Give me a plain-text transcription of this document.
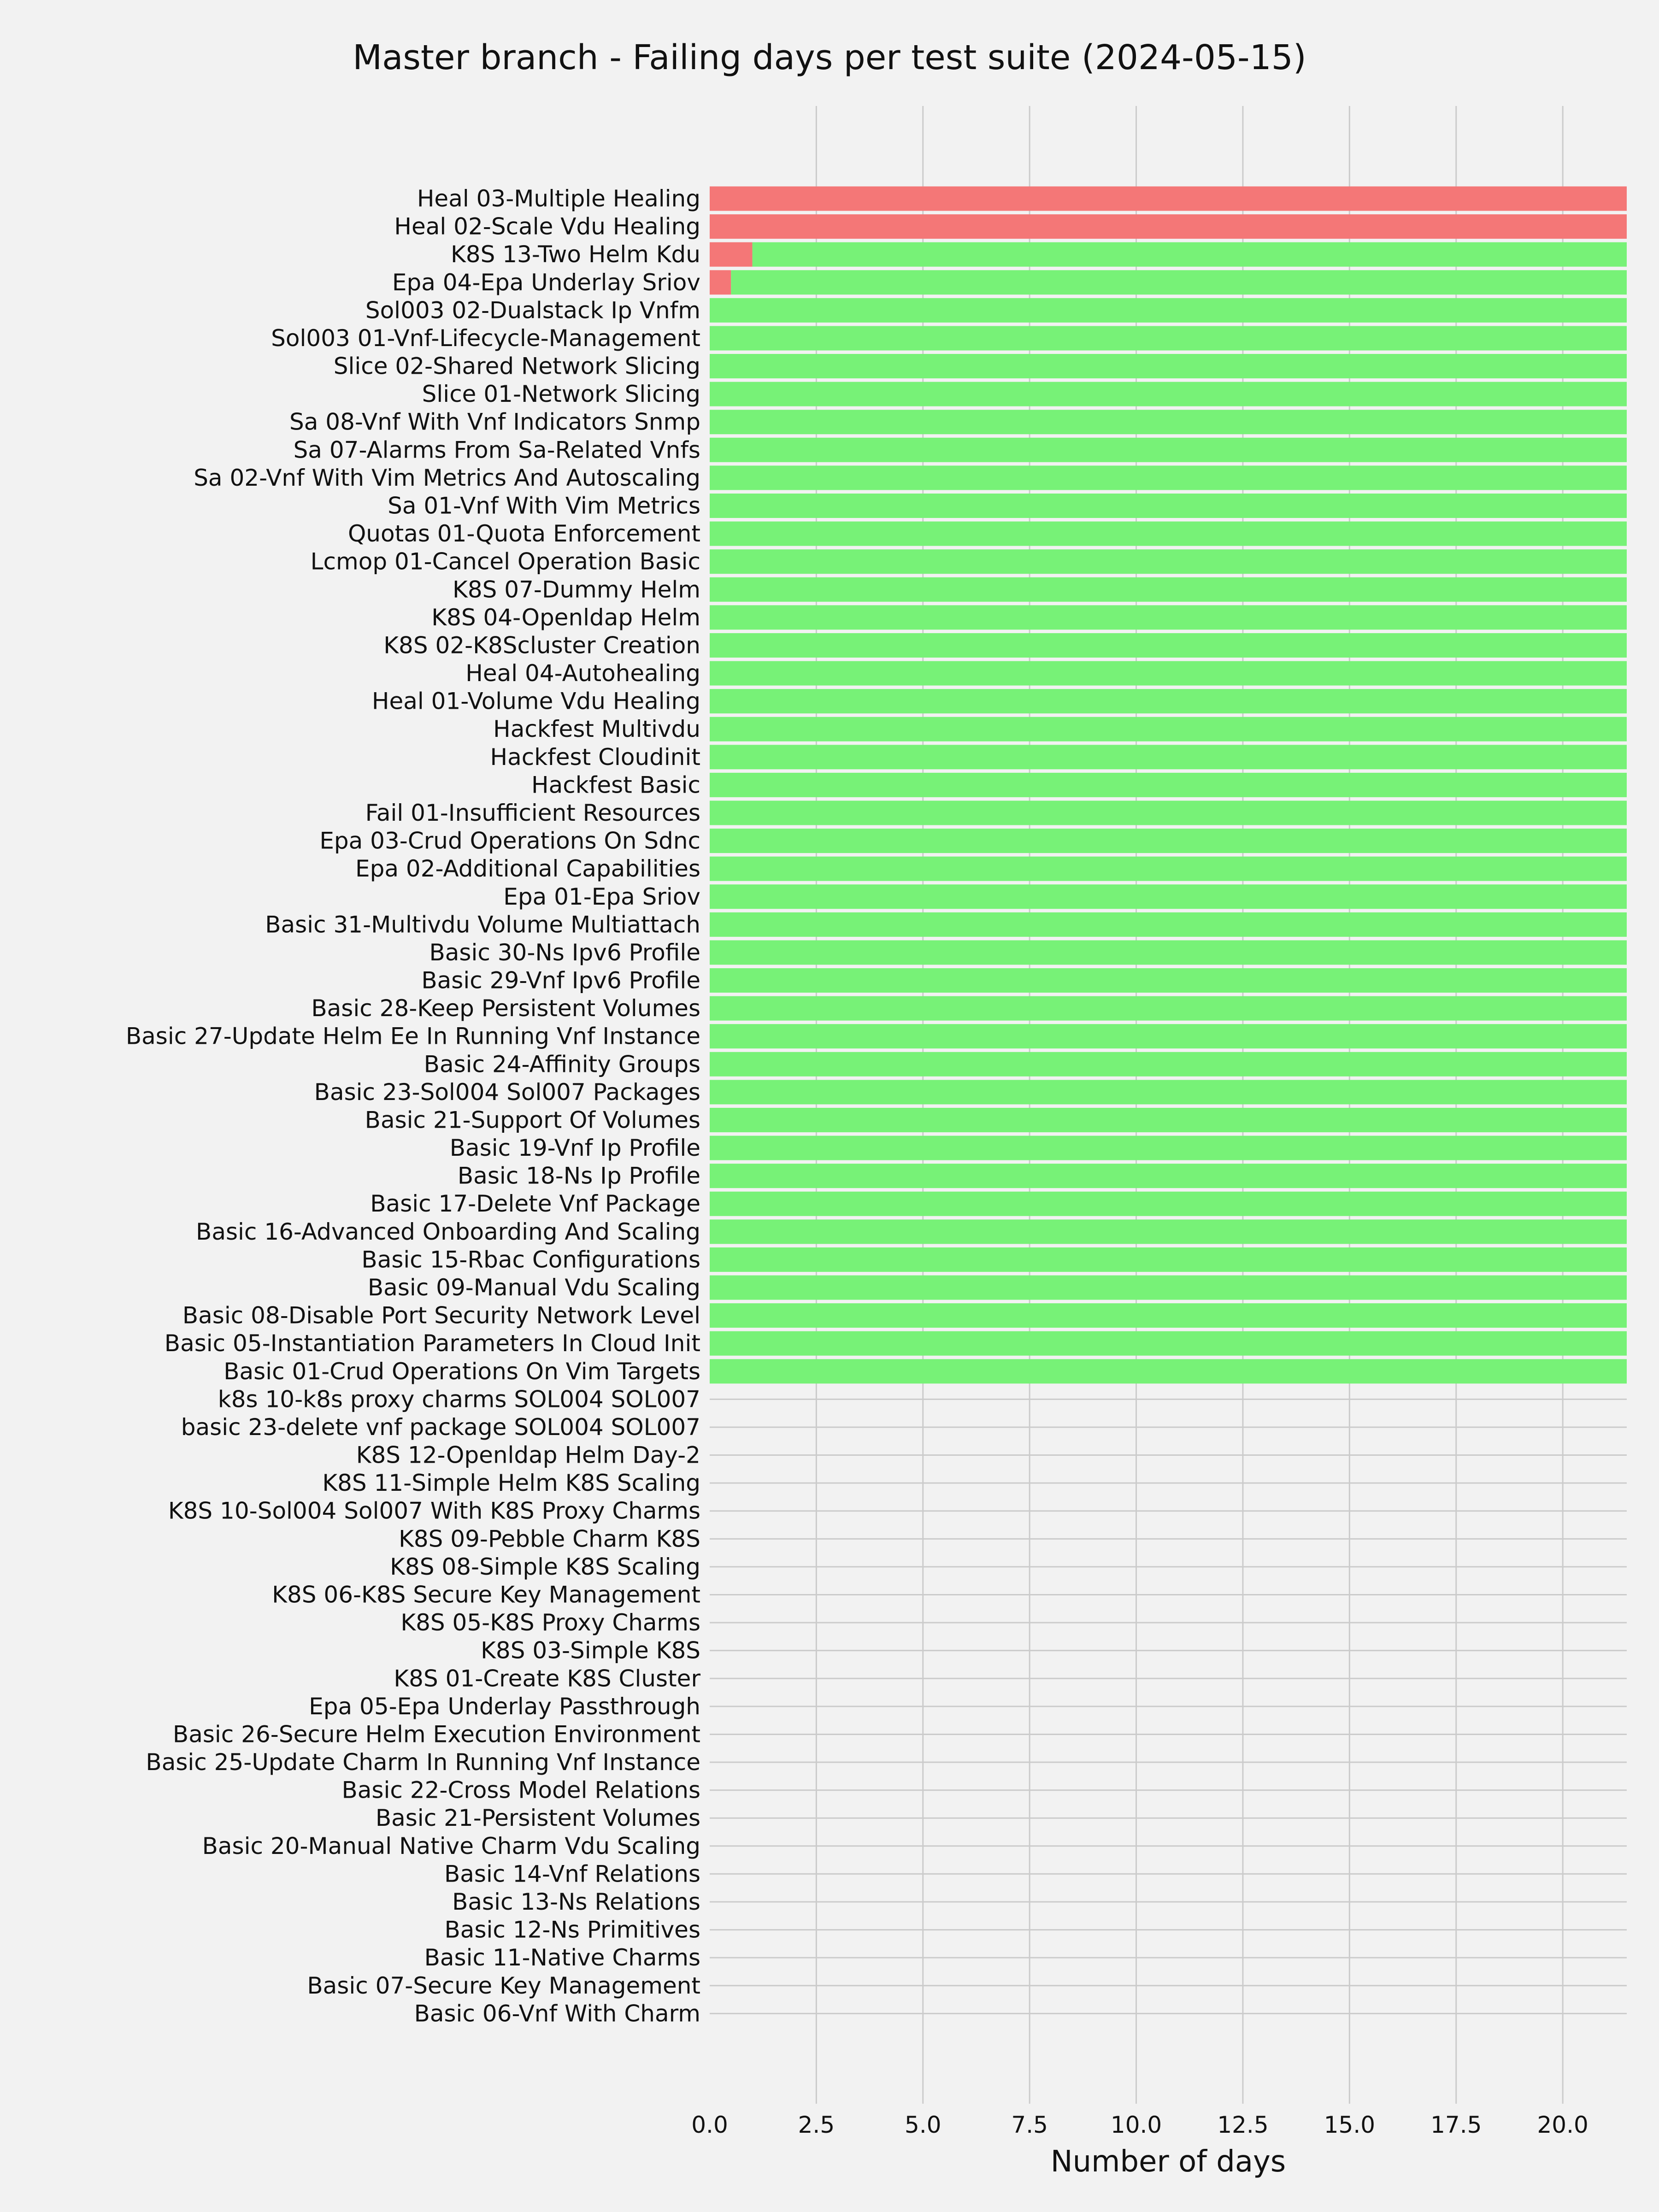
Heal 03-Multiple Healing
Heal 02-Scale Vdu Healing
K8S 13-Two Helm Kdu
Epa 04-Epa Underlay Sriov
Sol003 02-Dualstack Ip Vnfm
Sol003 01-Vnf-Lifecycle-Management
Slice 02-Shared Network Slicing
Slice 01-Network Slicing
Sa 08-Vnf With Vnf Indicators Snmp
Sa 07-Alarms From Sa-Related Vnfs
Sa 02-Vnf With Vim Metrics And Autoscaling
Sa 01-Vnf With Vim Metrics
Quotas 01-Quota Enforcement
Lcmop 01-Cancel Operation Basic
K8S 07-Dummy Helm
K8S 04-Openldap Helm
K8S 02-K8Scluster Creation
Heal 04-Autohealing
Heal 01-Volume Vdu Healing
Hackfest Multivdu
Hackfest Cloudinit
Hackfest Basic
Fail 01-Insufficient Resources
Epa 03-Crud Operations On Sdnc
Epa 02-Additional Capabilities
Epa 01-Epa Sriov
Basic 31-Multivdu Volume Multiattach
Basic 30-Ns Ipv6 Profile
Basic 29-Vnf Ipv6 Profile
Basic 28-Keep Persistent Volumes
Basic 27-Update Helm Ee In Running Vnf Instance
Basic 24-Affinity Groups
Basic 23-Sol004 Sol007 Packages
Basic 21-Support Of Volumes
Basic 19-Vnf Ip Profile
Basic 18-Ns Ip Profile
Basic 17-Delete Vnf Package
Basic 16-Advanced Onboarding And Scaling
Basic 15-Rbac Configurations
Basic 09-Manual Vdu Scaling
Basic 08-Disable Port Security Network Level
Basic 05-Instantiation Parameters In Cloud Init
Basic 01-Crud Operations On Vim Targets
k8s 10-k8s proxy charms SOL004 SOL007
basic 23-delete vnf package SOL004 SOL007
K8S 12-Openldap Helm Day-2
K8S 11-Simple Helm K8S Scaling
K8S 10-Sol004 Sol007 With K8S Proxy Charms
K8S 09-Pebble Charm K8S
K8S 08-Simple K8S Scaling
K8S 06-K8S Secure Key Management
K8S 05-K8S Proxy Charms
K8S 03-Simple K8S
K8S 01-Create K8S Cluster
Epa 05-Epa Underlay Passthrough
Basic 26-Secure Helm Execution Environment
Basic 25-Update Charm In Running Vnf Instance
Basic 22-Cross Model Relations
Basic 21-Persistent Volumes
Basic 20-Manual Native Charm Vdu Scaling
Basic 14-Vnf Relations
Basic 13-Ns Relations
Basic 12-Ns Primitives
Basic 11-Native Charms
Basic 07-Secure Key Management
Basic 06-Vnf With Charm
0.0	2.5	5.0	7.5	10.0 12.5 15.0 17.5 20.0
Master branch - Failing days per test suite (2024-05-15)
Number of days
